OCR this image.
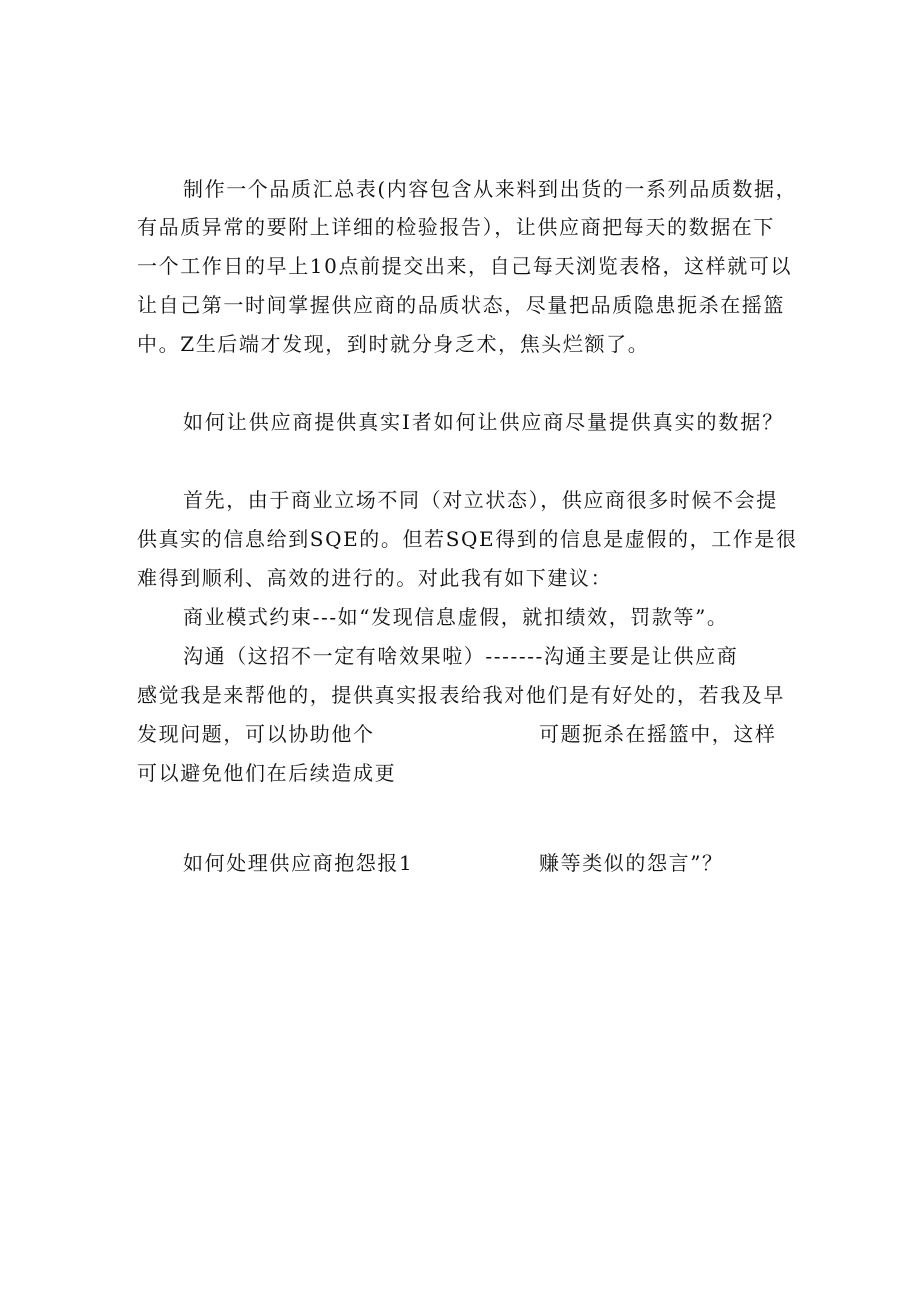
制作一个品质汇总表(内容包含从来料到出货的一系列品质数据，
有品质异常的要附上详细的检验报告），让供应商把每天的数据在下
一个工作日的早上10点前提交出来，自己每天浏览表格，这样就可以
让自己第一时间掌握供应商的品质状态，尽量把品质隐患扼杀在摇篮
中。Z生后端才发现，到时就分身乏术，焦头烂额了。
如何让供应商提供真实Ⅰ者如何让供应商尽量提供真实的数据？
首先，由于商业立场不同（对立状态），供应商很多时候不会提
供真实的信息给到SQE的。但若SQE得到的信息是虚假的，工作是很
难得到顺利、高效的进行的。对此我有如下建议：
商业模式约束---如“发现信息虚假，就扣绩效，罚款等”。
沟通（这招不一定有啥效果啦）-------沟通主要是让供应商
感觉我是来帮他的，提供真实报表给我对他们是有好处的，若我及早
发现问题，可以协助他个	可题扼杀在摇篮中，这样
可以避免他们在后续造成更
如何处理供应商抱怨报1	赚等类似的怨言”？
